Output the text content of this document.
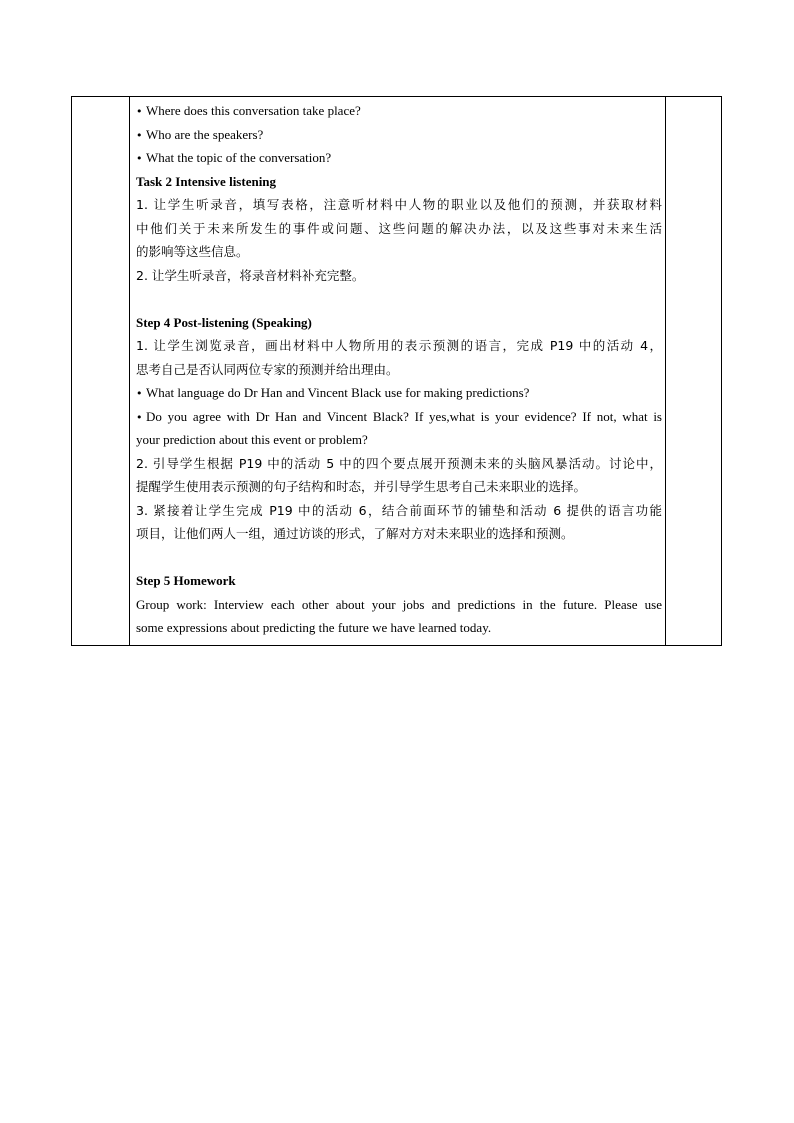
• Where does this conversation take place?
• Who are the speakers?
• What the topic of the conversation?
Task 2 Intensive listening
1. 让学生听录音，填写表格，注意听材料中人物的职业以及他们的预测，并获取材料
中他们关于未来所发生的事件或问题、这些问题的解决办法，以及这些事对未来生活
的影响等这些信息。
2. 让学生听录音，将录音材料补充完整。
Step 4 Post-listening (Speaking)
1. 让学生浏览录音，画出材料中人物所用的表示预测的语言，完成 P19 中的活动 4，
思考自己是否认同两位专家的预测并给出理由。
• What language do Dr Han and Vincent Black use for making predictions?
• Do you agree with Dr Han and Vincent Black? If yes,what is your evidence? If not, what is
your prediction about this event or problem?
2. 引导学生根据 P19 中的活动 5 中的四个要点展开预测未来的头脑风暴活动。讨论中，
提醒学生使用表示预测的句子结构和时态，并引导学生思考自己未来职业的选择。
3. 紧接着让学生完成 P19 中的活动 6，结合前面环节的铺垫和活动 6 提供的语言功能
项目，让他们两人一组，通过访谈的形式，了解对方对未来职业的选择和预测。
Step 5 Homework
Group work: Interview each other about your jobs and predictions in the future. Please use
some expressions about predicting the future we have learned today.
